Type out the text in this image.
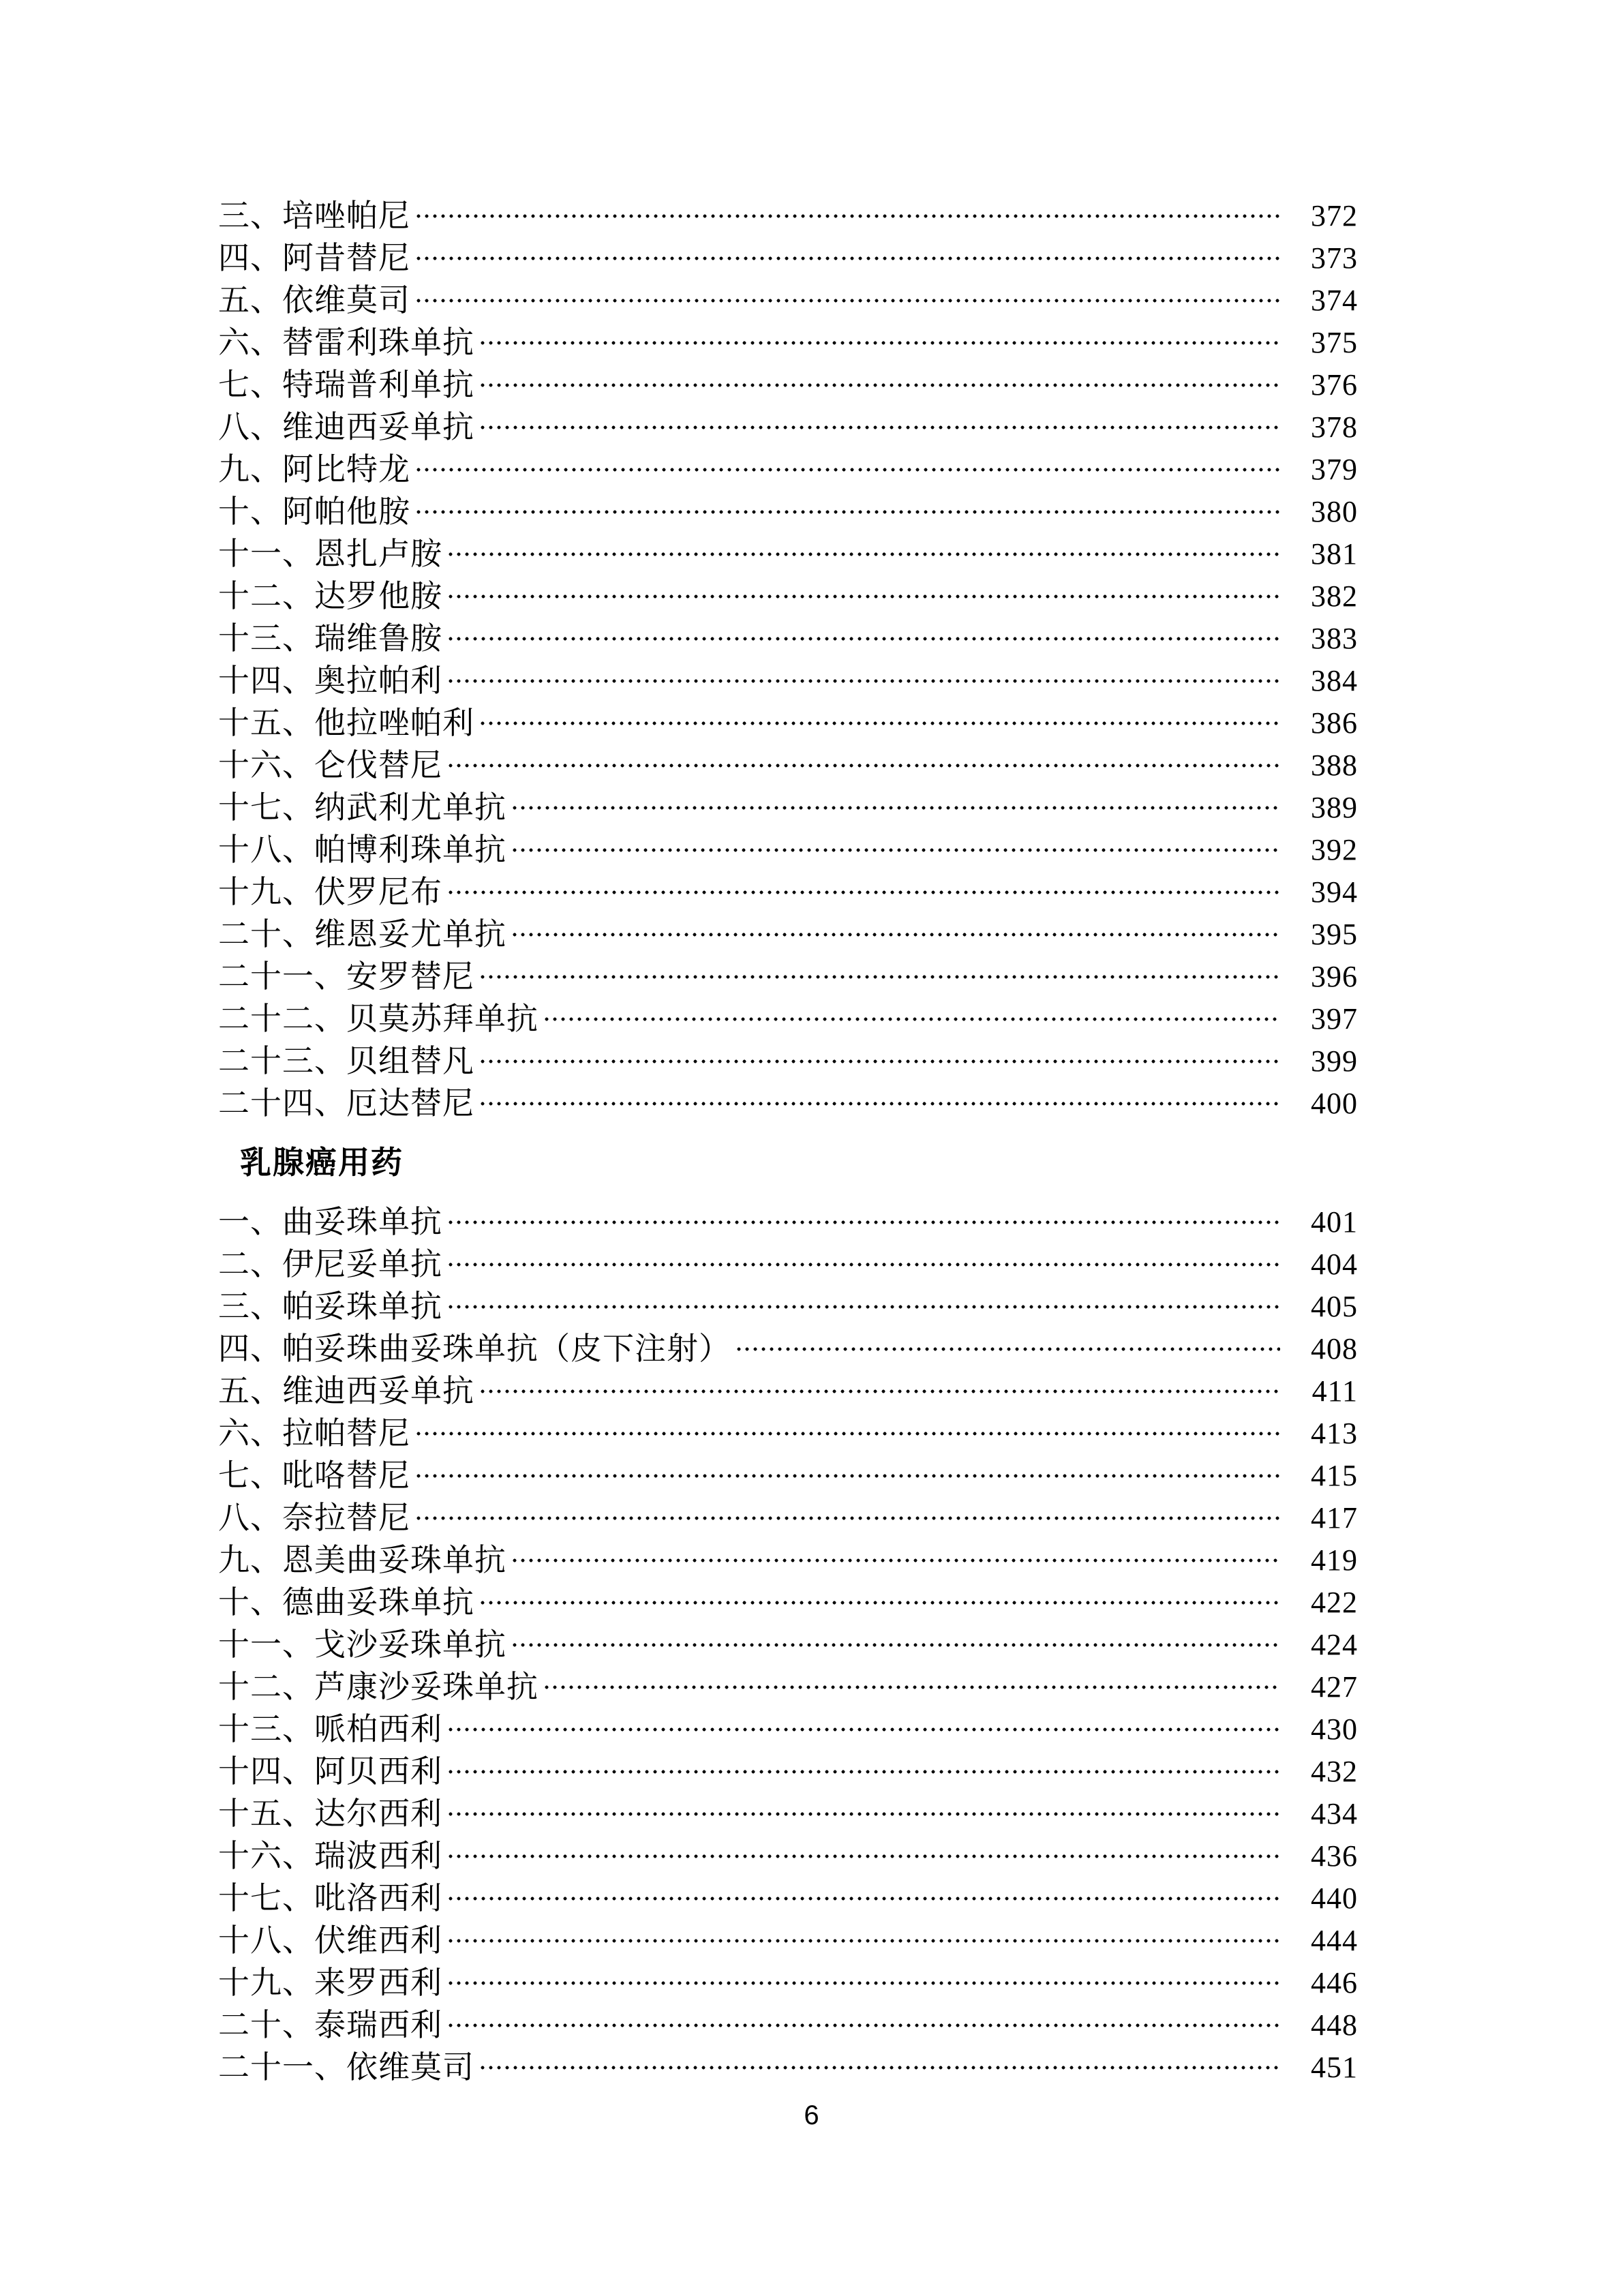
三、培唑帕尼	372
四、阿昔替尼	373
五、依维莫司	374
六、替雷利珠单抗	375
七、特瑞普利单抗	376
八、维迪西妥单抗	378
九、阿比特龙	379
十、阿帕他胺	380
十一、恩扎卢胺	381
十二、达罗他胺	382
十三、瑞维鲁胺	383
十四、奥拉帕利	384
十五、他拉唑帕利	386
十六、仑伐替尼	388
十七、纳武利尤单抗	389
十八、帕博利珠单抗	392
十九、伏罗尼布	394
二十、维恩妥尤单抗	395
二十一、安罗替尼	396
二十二、贝莫苏拜单抗	397
二十三、贝组替凡	399
二十四、厄达替尼	400
乳腺癌用药
一、曲妥珠单抗	401
二、伊尼妥单抗	404
三、帕妥珠单抗	405
四、帕妥珠曲妥珠单抗（皮下注射）	408
五、维迪西妥单抗	411
六、拉帕替尼	413
七、吡咯替尼	415
八、奈拉替尼	417
九、恩美曲妥珠单抗	419
十、德曲妥珠单抗	422
十一、戈沙妥珠单抗	424
十二、芦康沙妥珠单抗	427
十三、哌柏西利	430
十四、阿贝西利	432
十五、达尔西利	434
十六、瑞波西利	436
十七、吡洛西利	440
十八、伏维西利	444
十九、来罗西利	446
二十、泰瑞西利	448
二十一、依维莫司	451
6
